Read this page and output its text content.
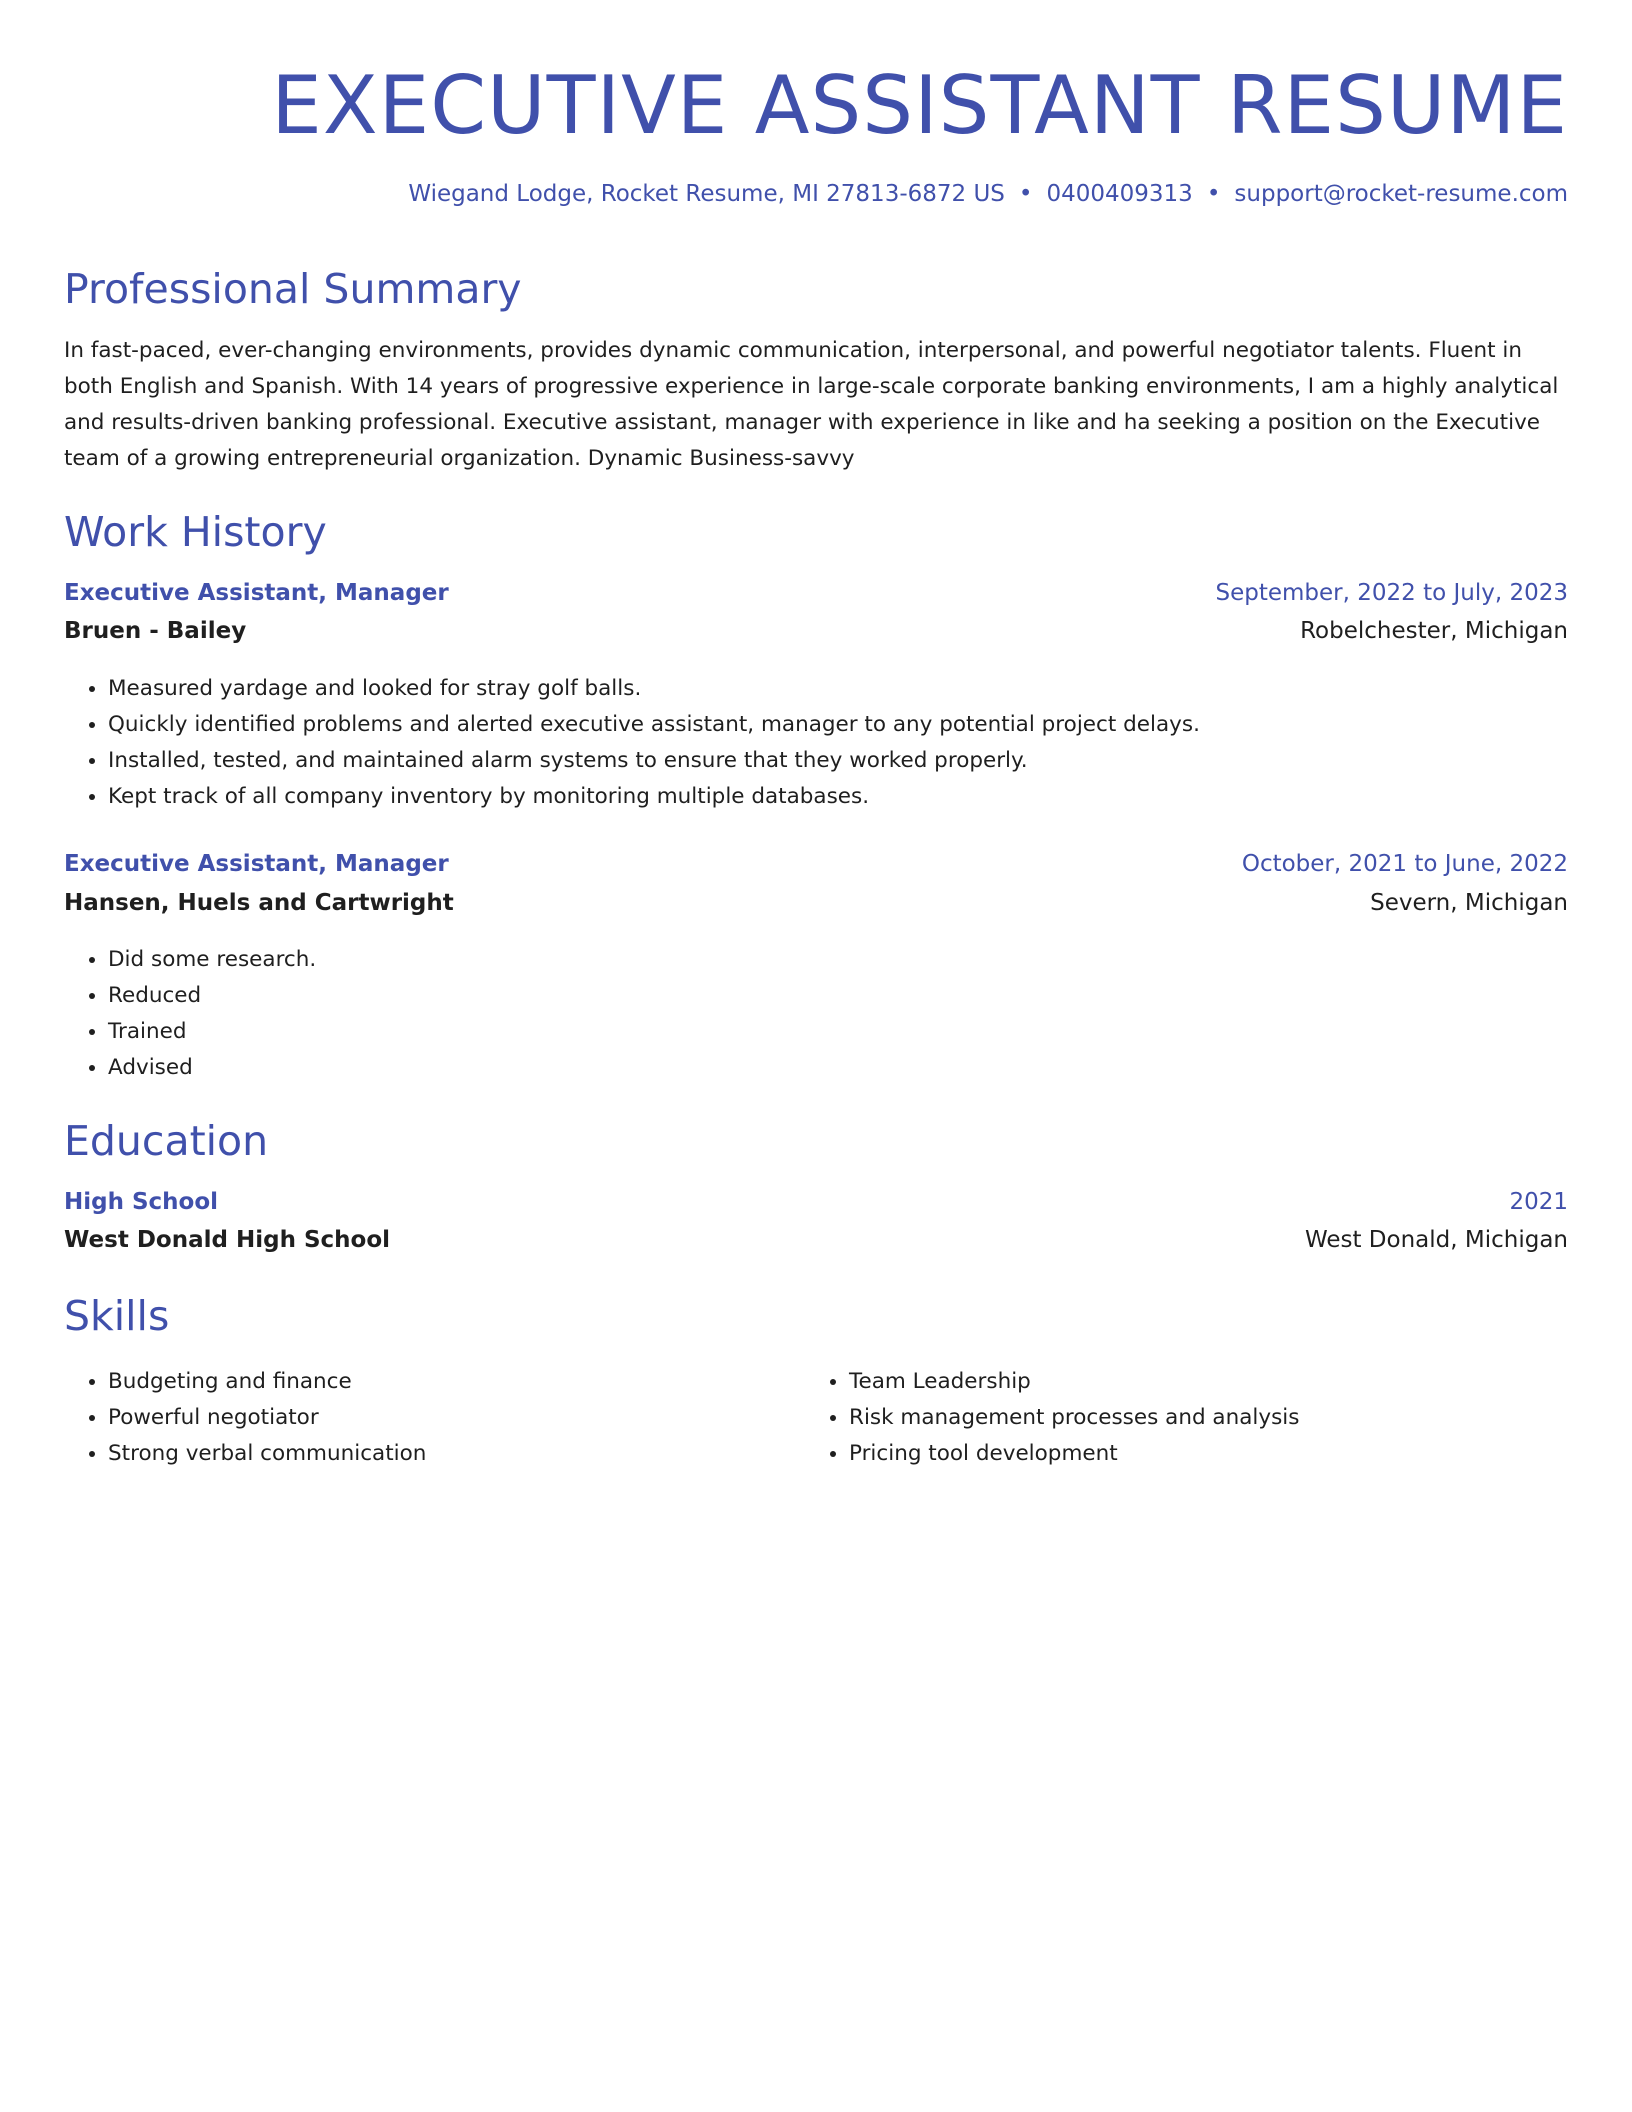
EXECUTIVE ASSISTANT RESUME
Wiegand Lodge, Rocket Resume, MI 27813-6872 US • 0400409313 • support@rocket-resume.com
Professional Summary
In fast-paced, ever-changing environments, provides dynamic communication, interpersonal, and powerful negotiator talents. Fluent in both English and Spanish. With 14 years of progressive experience in large-scale corporate banking environments, I am a highly analytical and results-driven banking professional. Executive assistant, manager with experience in like and ha seeking a position on the Executive team of a growing entrepreneurial organization. Dynamic Business-savvy
Work History
Executive Assistant, Manager	September, 2022 to July, 2023
Bruen - Bailey	Robelchester, Michigan
• Measured yardage and looked for stray golf balls.
• Quickly identified problems and alerted executive assistant, manager to any potential project delays.
• Installed, tested, and maintained alarm systems to ensure that they worked properly.
• Kept track of all company inventory by monitoring multiple databases.
Executive Assistant, Manager	October, 2021 to June, 2022
Hansen, Huels and Cartwright	Severn, Michigan
• Did some research.
• Reduced
• Trained
• Advised
Education
High School	2021
West Donald High School	West Donald, Michigan
Skills
• Budgeting and finance
• Powerful negotiator
• Strong verbal communication
• Team Leadership
• Risk management processes and analysis
• Pricing tool development
